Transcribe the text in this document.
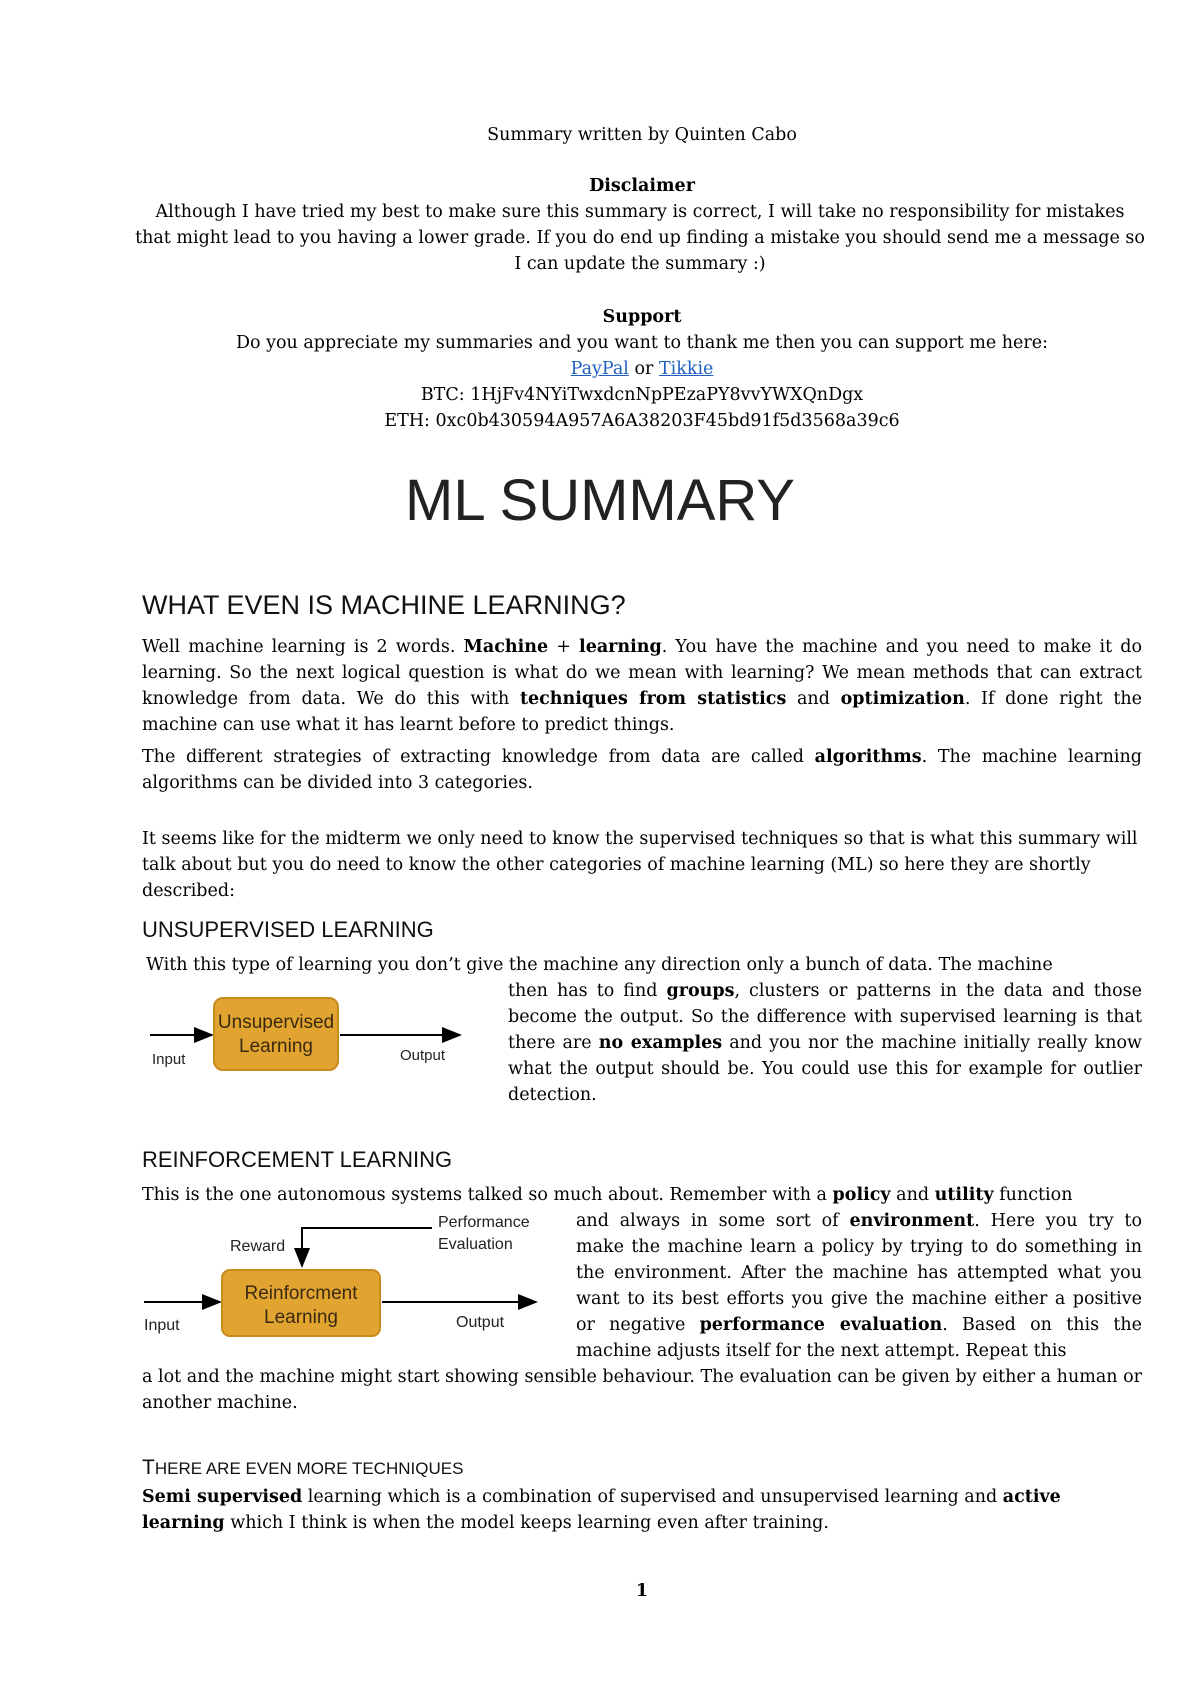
Summary written by Quinten Cabo
Disclaimer
Although I have tried my best to make sure this summary is correct, I will take no responsibility for mistakes that might lead to you having a lower grade. If you do end up finding a mistake you should send me a message so I can update the summary :)
Support
Do you appreciate my summaries and you want to thank me then you can support me here:
PayPal or Tikkie
BTC: 1HjFv4NYiTwxdcnNpPEzaPY8vvYWXQnDgx
ETH: 0xc0b430594A957A6A38203F45bd91f5d3568a39c6
ML SUMMARY
WHAT EVEN IS MACHINE LEARNING?
Well machine learning is 2 words. Machine + learning. You have the machine and you need to make it do learning. So the next logical question is what do we mean with learning? We mean methods that can extract knowledge from data. We do this with techniques from statistics and optimization. If done right the machine can use what it has learnt before to predict things.
The different strategies of extracting knowledge from data are called algorithms. The machine learning algorithms can be divided into 3 categories.
It seems like for the midterm we only need to know the supervised techniques so that is what this summary will talk about but you do need to know the other categories of machine learning (ML) so here they are shortly described:
UNSUPERVISED LEARNING
With this type of learning you don’t give the machine any direction only a bunch of data. The machine
then has to find groups, clusters or patterns in the data and those become the output. So the difference with supervised learning is that there are no examples and you nor the machine initially really know what the output should be. You could use this for example for outlier detection.
Unsupervised
Learning
Input	Output
REINFORCEMENT LEARNING
This is the one autonomous systems talked so much about. Remember with a policy and utility function
and always in some sort of environment. Here you try to make the machine learn a policy by trying to do something in the environment. After the machine has attempted what you want to its best efforts you give the machine either a positive or negative performance evaluation. Based on this the machine adjusts itself for the next attempt. Repeat this
Reinforcment
Learning
Reward
Performance
Evaluation
Input	Output
a lot and the machine might start showing sensible behaviour. The evaluation can be given by either a human or another machine.
THERE ARE EVEN MORE TECHNIQUES
Semi supervised learning which is a combination of supervised and unsupervised learning and active learning which I think is when the model keeps learning even after training.
1
